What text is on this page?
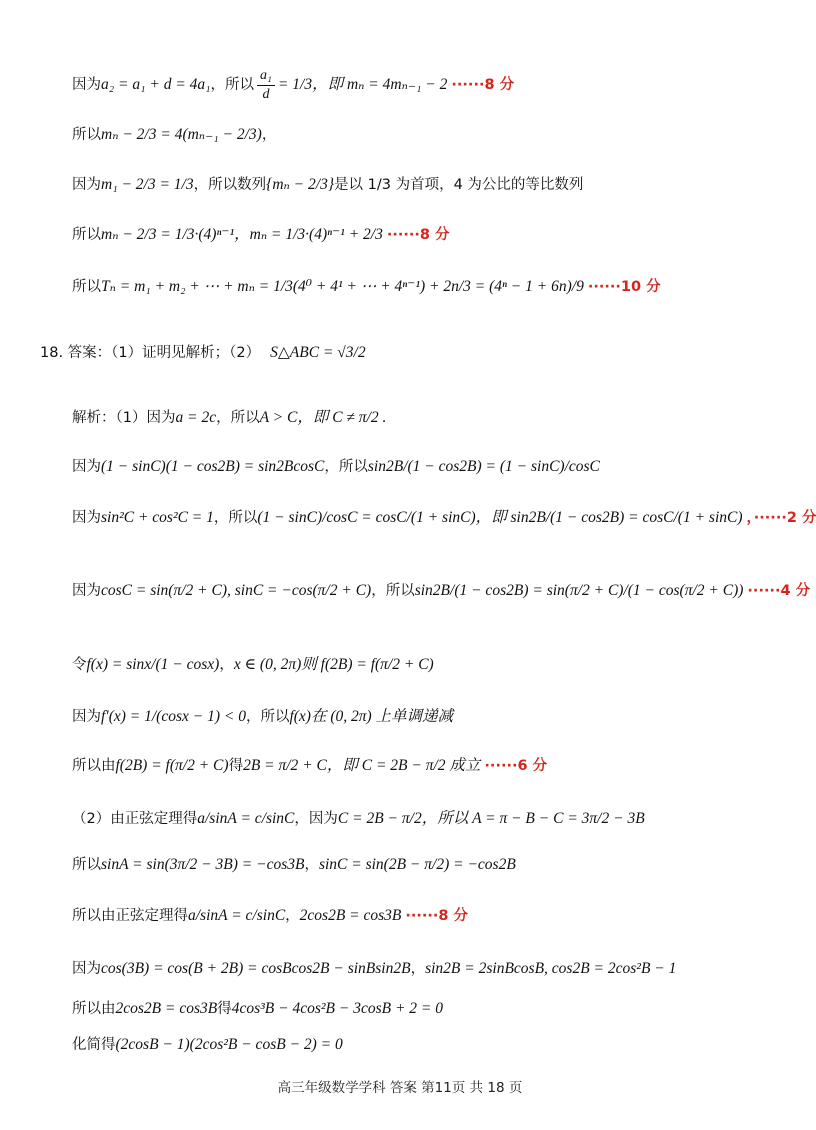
因为 a₂ = a₁ + d = 4a₁ ，所以 $\frac{\text{a₁}}{d} = 1/3$ ，即 mₙ = 4mₙ₋₁ − 2 ······8 分
所以 mₙ − 2/3 = 4(mₙ₋₁ − 2/3) ，
因为 m₁ − 2/3 = 1/3 ，所以数列 {mₙ − 2/3} 是以 1/3 为首项，4 为公比的等比数列
所以 mₙ − 2/3 = 1/3·(4)ⁿ⁻¹ ，mₙ = 1/3·(4)ⁿ⁻¹ + 2/3 ······8 分
所以 Tₙ = m₁ + m₂ + ⋯ + mₙ = 1/3(4⁰ + 4¹ + ⋯ + 4ⁿ⁻¹) + 2n/3 = (4ⁿ − 1 + 6n)/9 ······10 分
18. 答案：（1）证明见解析；（2） S△ABC = √3/2
解析：（1）因为 a = 2c ，所以 A > C ，即 C ≠ π/2 .
因为 (1 − sinC)(1 − cos2B) = sin2BcosC ，所以 sin2B/(1 − cos2B) = (1 − sinC)/cosC
因为 sin²C + cos²C = 1 ，所以 (1 − sinC)/cosC = cosC/(1 + sinC) ，即 sin2B/(1 − cos2B) = cosC/(1 + sinC) ，······2 分
因为 cosC = sin(π/2 + C), sinC = −cos(π/2 + C) ，所以 sin2B/(1 − cos2B) = sin(π/2 + C)/(1 − cos(π/2 + C)) ······4 分
令 f(x) = sinx/(1 − cosx) ， x ∈ (0, 2π) 则 f(2B) = f(π/2 + C)
因为 f′(x) = 1/(cosx − 1) < 0 ，所以 f(x) 在 (0, 2π) 上单调递减
所以由 f(2B) = f(π/2 + C) 得 2B = π/2 + C ，即 C = 2B − π/2 成立 ······6 分
（2）由正弦定理得 a/sinA = c/sinC ，因为 C = 2B − π/2 ，所以 A = π − B − C = 3π/2 − 3B
所以 sinA = sin(3π/2 − 3B) = −cos3B ， sinC = sin(2B − π/2) = −cos2B
所以由正弦定理得 a/sinA = c/sinC ， 2cos2B = cos3B ······8 分
因为 cos(3B) = cos(B + 2B) = cosBcos2B − sinBsin2B ， sin2B = 2sinBcosB, cos2B = 2cos²B − 1
所以由 2cos2B = cos3B 得 4cos³B − 4cos²B − 3cosB + 2 = 0
化简得 (2cosB − 1)(2cos²B − cosB − 2) = 0
高三年级数学学科 答案 第11页 共 18 页
